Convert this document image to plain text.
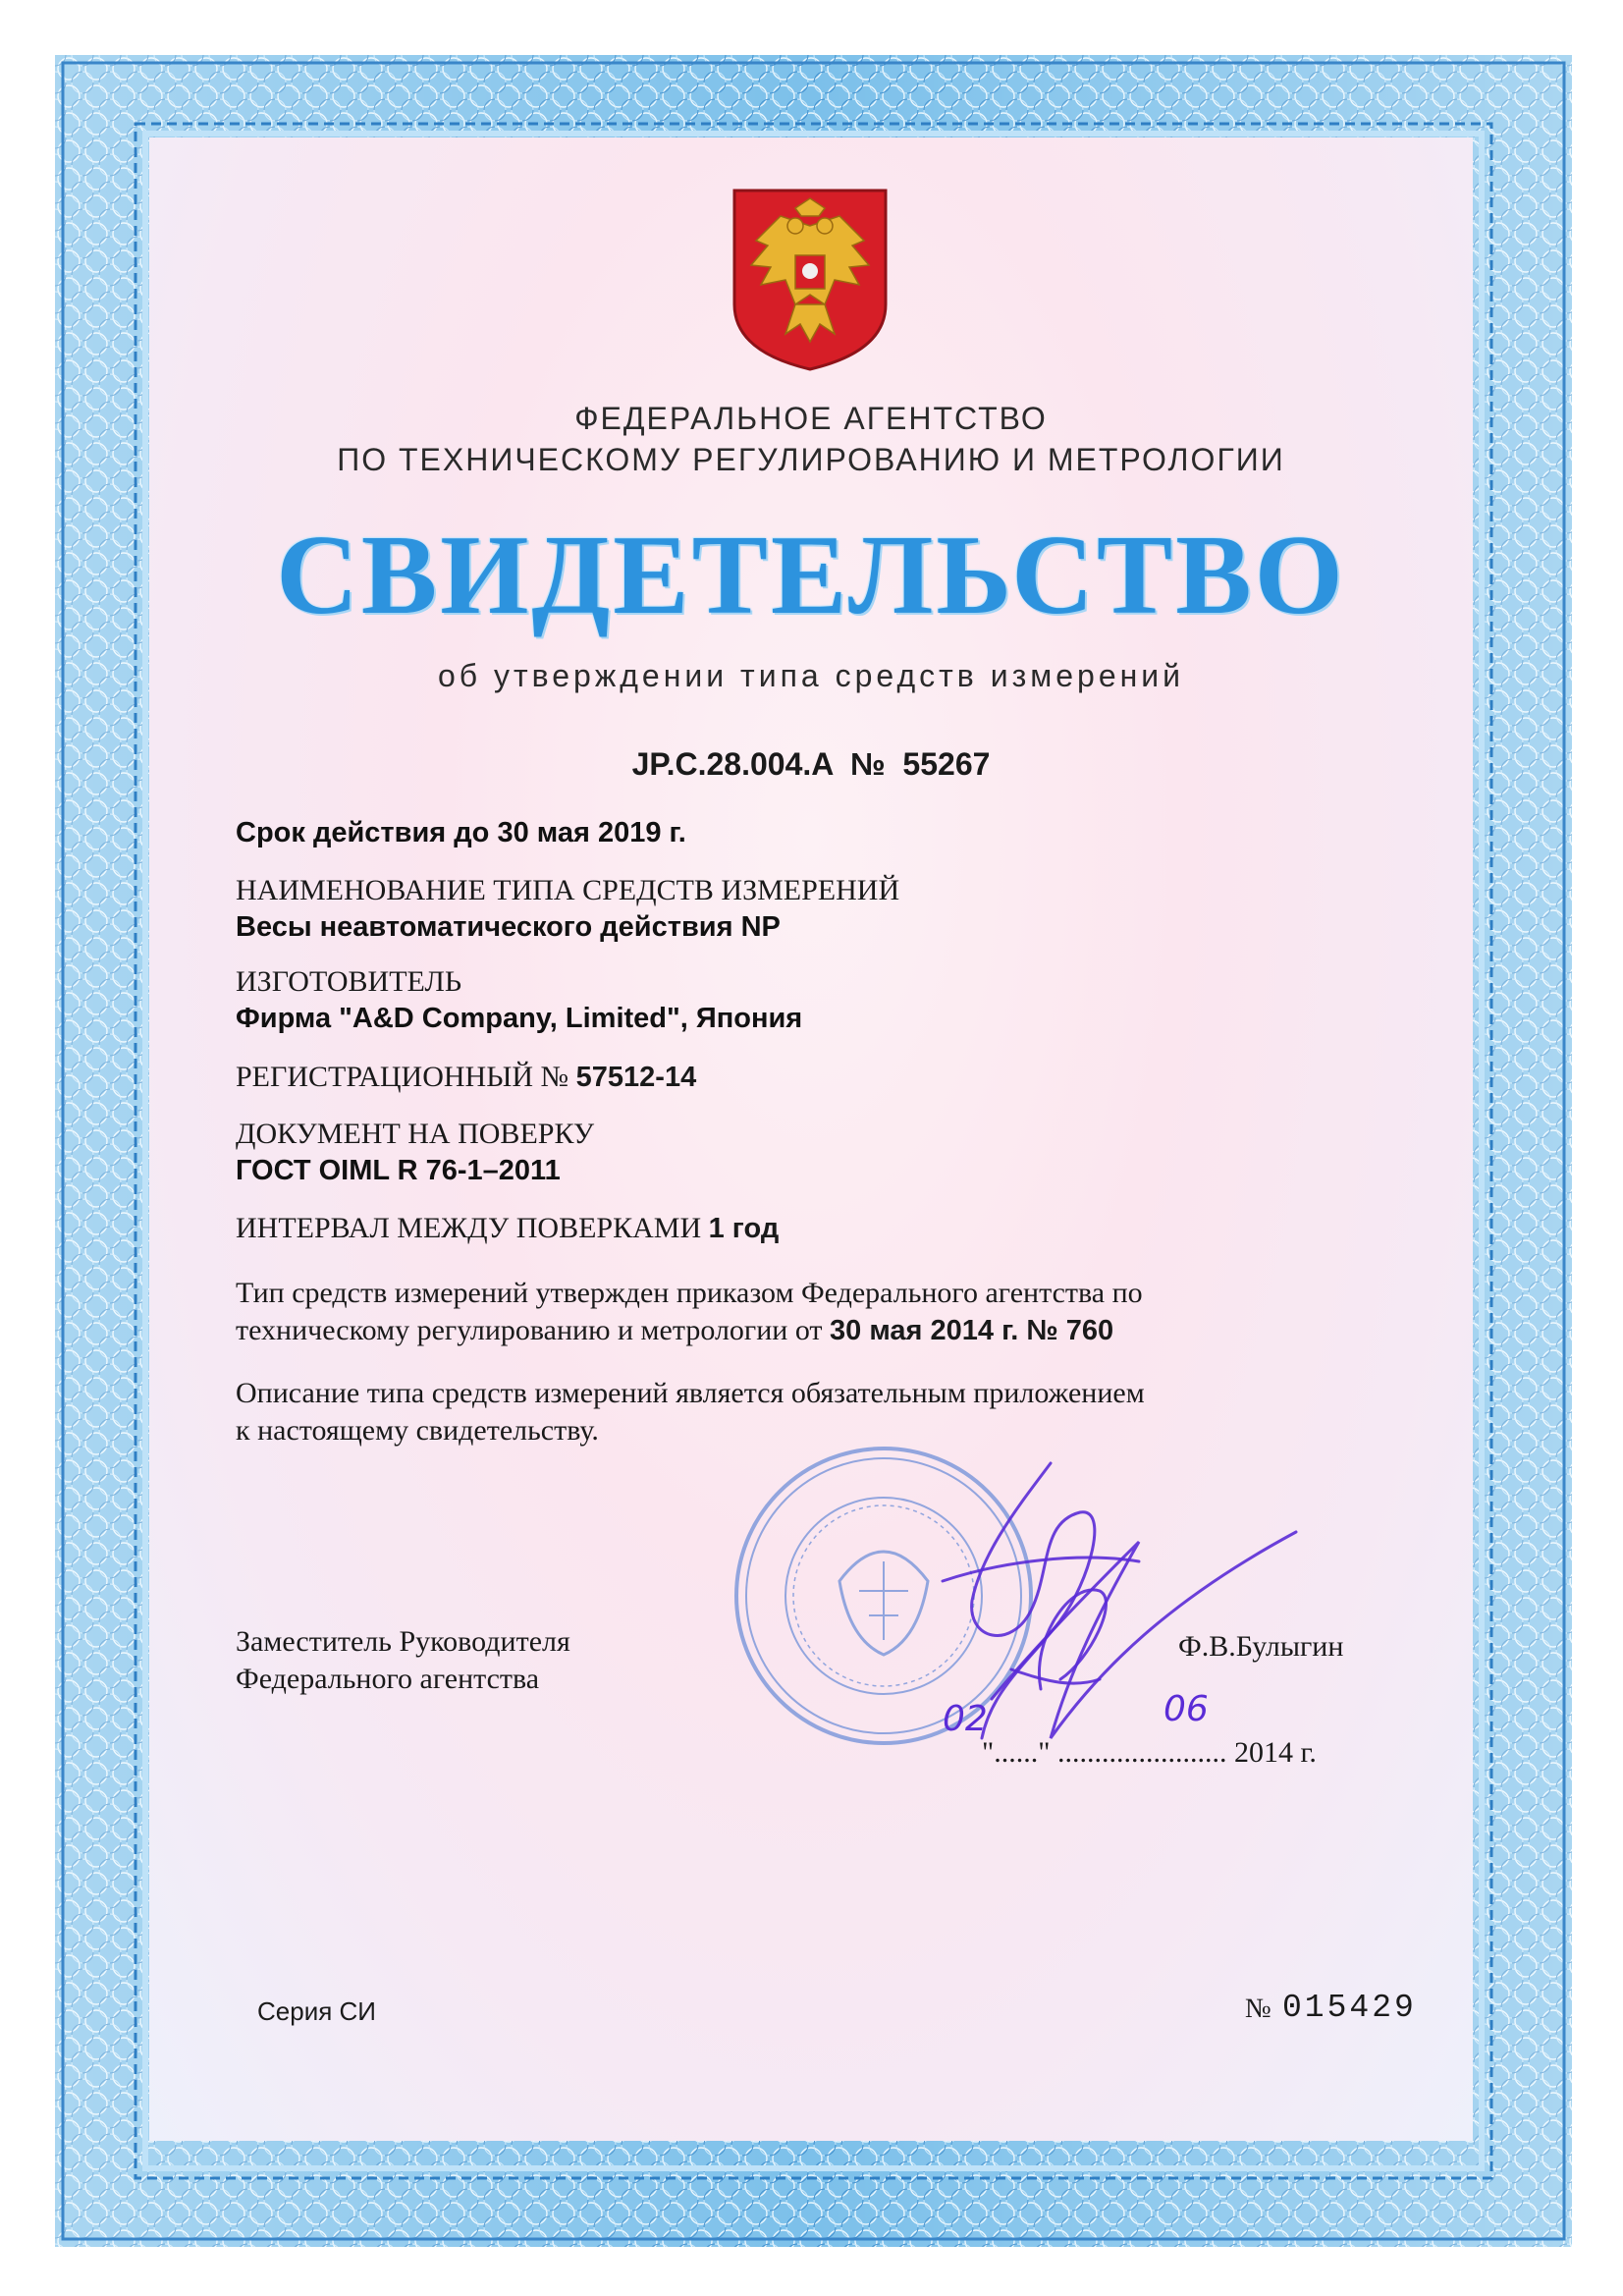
ФЕДЕРАЛЬНОЕ АГЕНТСТВО
ПО ТЕХНИЧЕСКОМУ РЕГУЛИРОВАНИЮ И МЕТРОЛОГИИ
СВИДЕТЕЛЬСТВО
об утверждении типа средств измерений
JP.C.28.004.A  №  55267
Срок действия до 30 мая 2019 г.
НАИМЕНОВАНИЕ ТИПА СРЕДСТВ ИЗМЕРЕНИЙ
Весы неавтоматического действия NP
ИЗГОТОВИТЕЛЬ
Фирма "A&D Company, Limited", Япония
РЕГИСТРАЦИОННЫЙ № 57512-14
ДОКУМЕНТ НА ПОВЕРКУ
ГОСТ OIML R 76-1–2011
ИНТЕРВАЛ МЕЖДУ ПОВЕРКАМИ 1 год
Тип средств измерений утвержден приказом Федерального агентства по
техническому регулированию и метрологии от 30 мая 2014 г. № 760
Описание типа средств измерений является обязательным приложением
к настоящему свидетельству.
Заместитель Руководителя
Федерального агентства
Ф.В.Булыгин
02	06
"......" ....................... 2014 г.
Серия СИ	№ 015429
